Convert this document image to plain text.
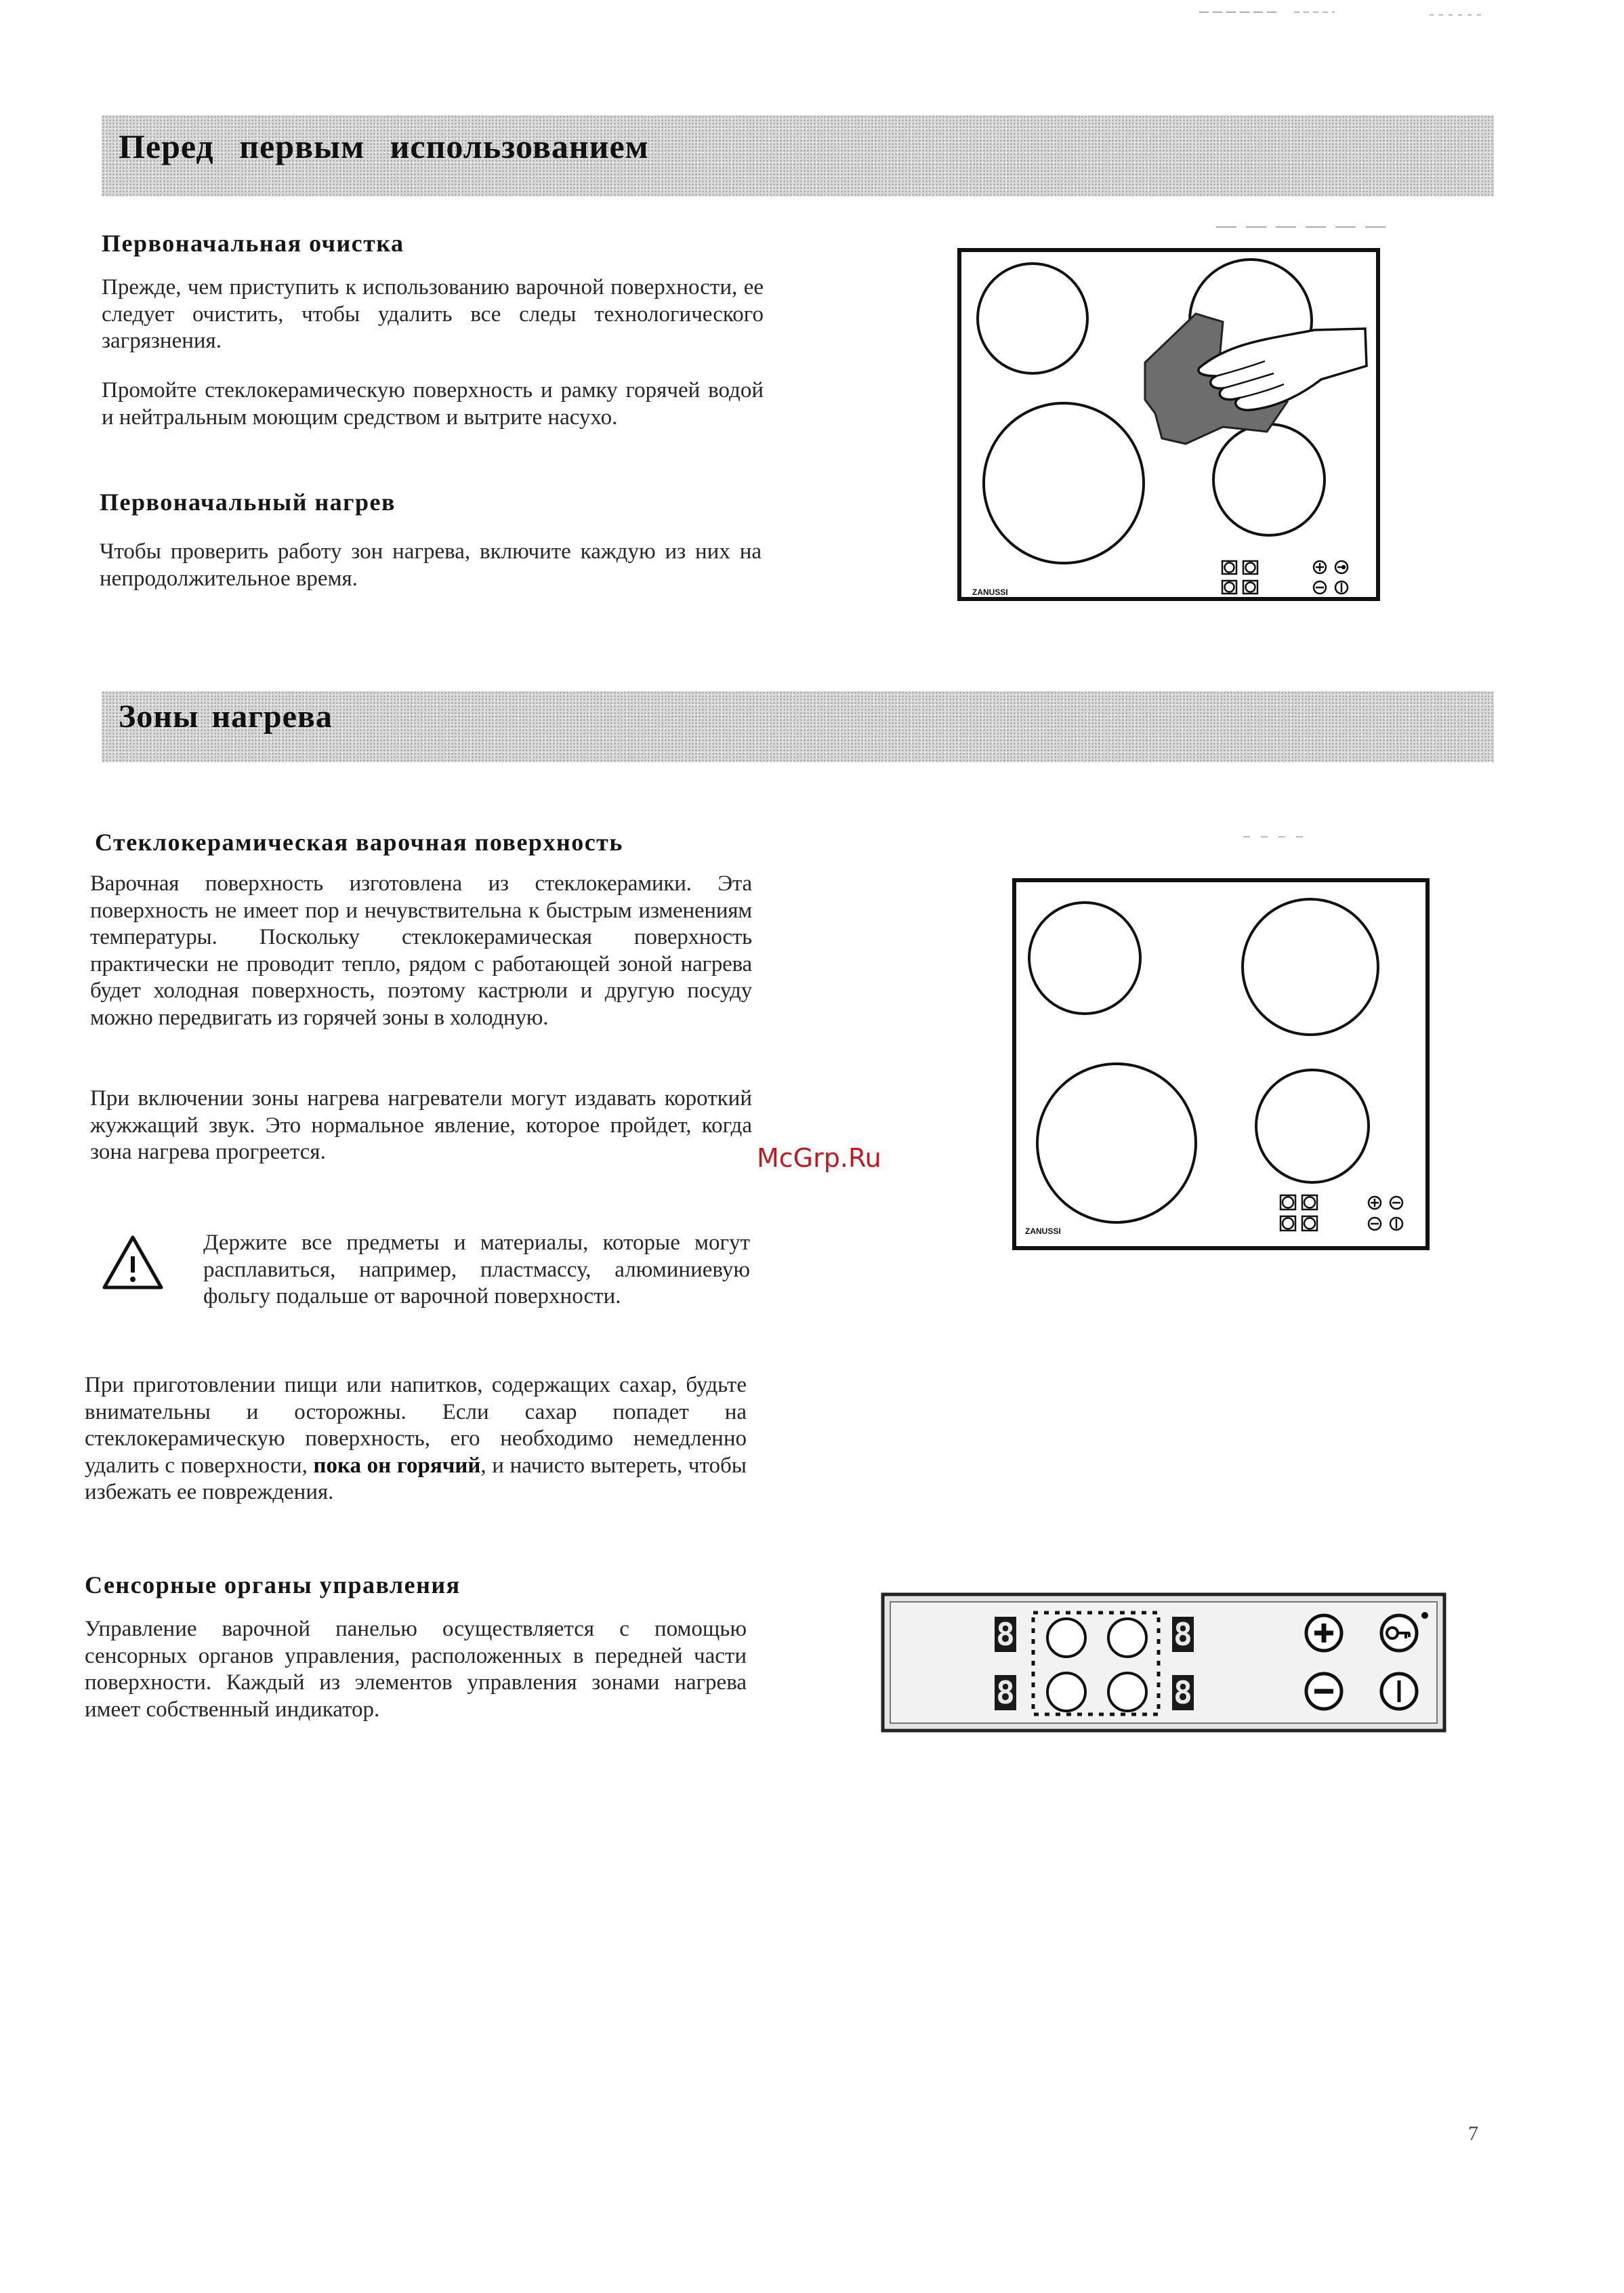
Перед первым использованием
Первоначальная очистка

Прежде, чем приступить к использованию варочной поверхности, ее следует очистить, чтобы удалить все следы технологического загрязнения.

Промойте стеклокерамическую поверхность и рамку горячей водой и нейтральным моющим средством и вытрите насухо.

Первоначальный нагрев

Чтобы проверить работу зон нагрева, включите каждую из них на непродолжительное время.

ZANUSSI
Зоны нагрева
Стеклокерамическая варочная поверхность

Варочная поверхность изготовлена из стеклокерамики. Эта поверхность не имеет пор и нечувствительна к быстрым изменениям температуры. Поскольку стеклокерамическая поверхность практически не проводит тепло, рядом с работающей зоной нагрева будет холодная поверхность, поэтому кастрюли и другую посуду можно передвигать из горячей зоны в холодную.

При включении зоны нагрева нагреватели могут издавать короткий жужжащий звук. Это нормальное явление, которое пройдет, когда зона нагрева прогреется.

Держите все предметы и материалы, которые могут расплавиться, например, пластмассу, алюминиевую фольгу подальше от варочной поверхности.

При приготовлении пищи или напитков, содержащих сахар, будьте внимательны и осторожны. Если сахар попадет на стеклокерамическую поверхность, его необходимо немедленно удалить с поверхности, пока он горячий, и начисто вытереть, чтобы избежать ее повреждения.

Сенсорные органы управления

Управление варочной панелью осуществляется с помощью сенсорных органов управления, расположенных в передней части поверхности. Каждый из элементов управления зонами нагрева имеет собственный индикатор.

ZANUSSI
8	8
8	8
McGrp.Ru
7
